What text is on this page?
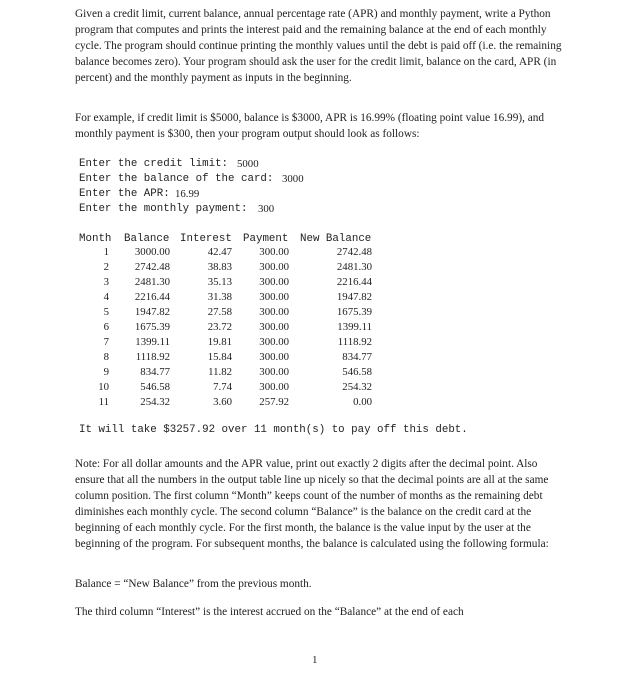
Given a credit limit, current balance, annual percentage rate (APR) and monthly payment, write a Python program that computes and prints the interest paid and the remaining balance at the end of each monthly cycle. The program should continue printing the monthly values until the debt is paid off (i.e. the remaining balance becomes zero). Your program should ask the user for the credit limit, balance on the card, APR (in percent) and the monthly payment as inputs in the beginning.

For example, if credit limit is $5000, balance is $3000, APR is 16.99% (floating point value 16.99), and monthly payment is $300, then your program output should look as follows:

Enter the credit limit: 5000
Enter the balance of the card: 3000
Enter the APR: 16.99
Enter the monthly payment: 300
Month Balance Interest Payment New Balance
1	3000.00	42.47	300.00	2742.48
2	2742.48	38.83	300.00	2481.30
3	2481.30	35.13	300.00	2216.44
4	2216.44	31.38	300.00	1947.82
5	1947.82	27.58	300.00	1675.39
6	1675.39	23.72	300.00	1399.11
7	1399.11	19.81	300.00	1118.92
8	1118.92	15.84	300.00	834.77
9	834.77	11.82	300.00	546.58
10	546.58	7.74	300.00	254.32
11	254.32	3.60	257.92	0.00
It will take $3257.92 over 11 month(s) to pay off this debt.

Note: For all dollar amounts and the APR value, print out exactly 2 digits after the decimal point. Also ensure that all the numbers in the output table line up nicely so that the decimal points are all at the same column position. The first column “Month” keeps count of the number of months as the remaining debt diminishes each monthly cycle. The second column “Balance” is the balance on the credit card at the beginning of each monthly cycle. For the first month, the balance is the value input by the user at the beginning of the program. For subsequent months, the balance is calculated using the following formula:

Balance = “New Balance” from the previous month.

The third column “Interest” is the interest accrued on the “Balance” at the end of each

1
